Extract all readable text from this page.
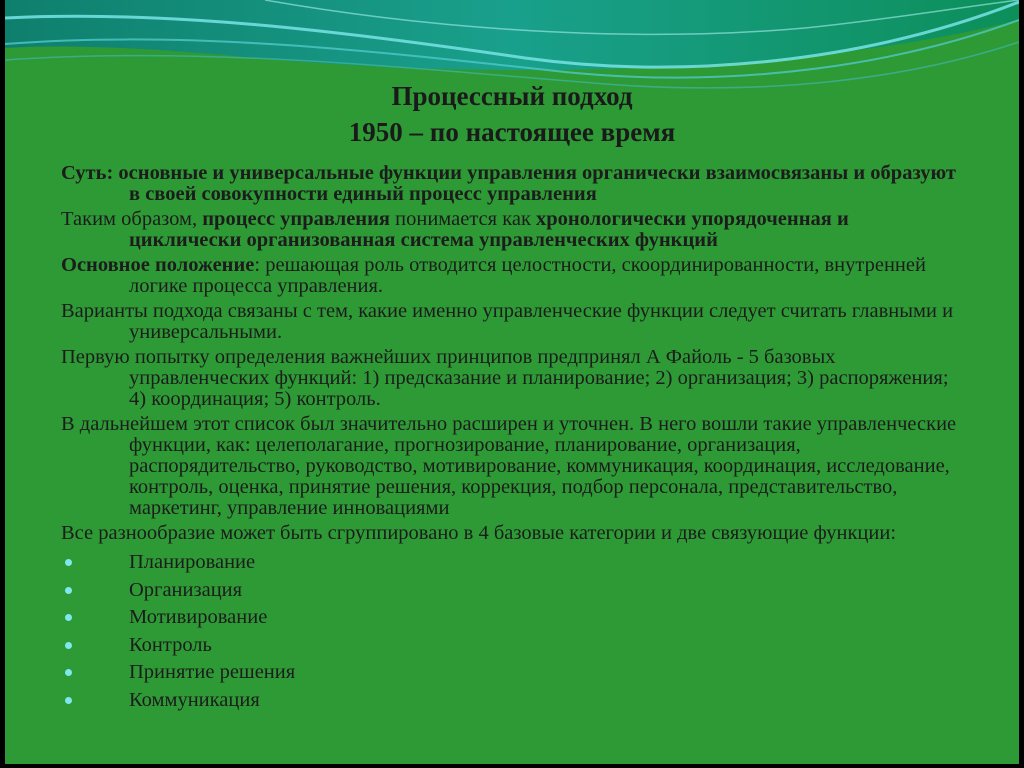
Процессный подход
1950 – по настоящее время

Суть: основные и универсальные функции управления органически взаимосвязаны и образуют в своей совокупности единый процесс управления

Таким образом, процесс управления понимается как хронологически упорядоченная и циклически организованная система управленческих функций

Основное положение: решающая роль отводится целостности, скоординированности, внутренней логике процесса управления.

Варианты подхода связаны с тем, какие именно управленческие функции следует считать главными и универсальными.

Первую попытку определения важнейших принципов предпринял А Файоль - 5 базовых управленческих функций: 1) предсказание и планирование; 2) организация; 3) распоряжения; 4) координация; 5) контроль.

В дальнейшем этот список был значительно расширен и уточнен. В него вошли такие управленческие функции, как: целеполагание, прогнозирование, планирование, организация, распорядительство, руководство, мотивирование, коммуникация, координация, исследование, контроль, оценка, принятие решения, коррекция, подбор персонала, представительство, маркетинг, управление инновациями

Все разнообразие может быть сгруппировано в 4 базовые категории и две связующие функции:

Планирование
Организация
Мотивирование
Контроль
Принятие решения
Коммуникация
